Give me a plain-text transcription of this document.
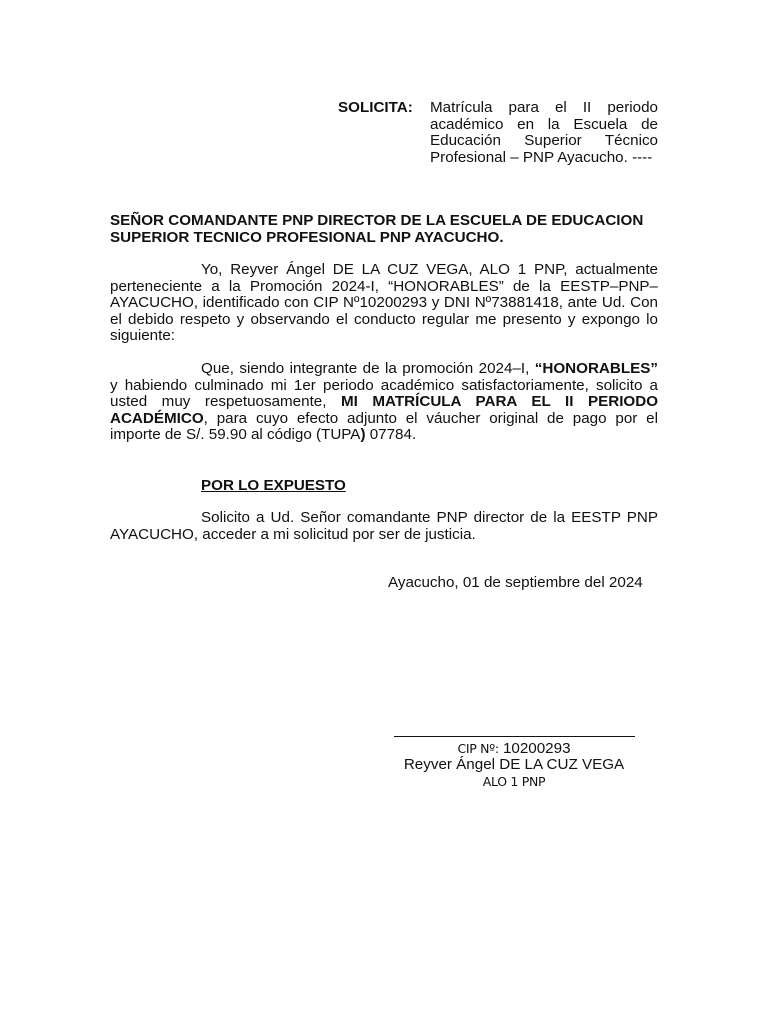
SOLICITA: Matrícula para el II periodo académico en la Escuela de Educación Superior Técnico Profesional – PNP Ayacucho. ----
SEÑOR COMANDANTE PNP DIRECTOR DE LA ESCUELA DE EDUCACION SUPERIOR TECNICO PROFESIONAL PNP AYACUCHO.
Yo, Reyver Ángel DE LA CUZ VEGA, ALO 1 PNP, actualmente perteneciente a la Promoción 2024-I, “HONORABLES” de la EESTP–PNP–AYACUCHO, identificado con CIP Nº10200293 y DNI Nº73881418, ante Ud. Con el debido respeto y observando el conducto regular me presento y expongo lo siguiente:
Que, siendo integrante de la promoción 2024–I, “HONORABLES” y habiendo culminado mi 1er periodo académico satisfactoriamente, solicito a usted muy respetuosamente, MI MATRÍCULA PARA EL II PERIODO ACADÉMICO, para cuyo efecto adjunto el váucher original de pago por el importe de S/. 59.90 al código (TUPA) 07784.
POR LO EXPUESTO
Solicito a Ud. Señor comandante PNP director de la EESTP PNP AYACUCHO, acceder a mi solicitud por ser de justicia.
Ayacucho, 01 de septiembre del 2024
CIP Nº: 10200293
Reyver Ángel DE LA CUZ VEGA
ALO 1 PNP
